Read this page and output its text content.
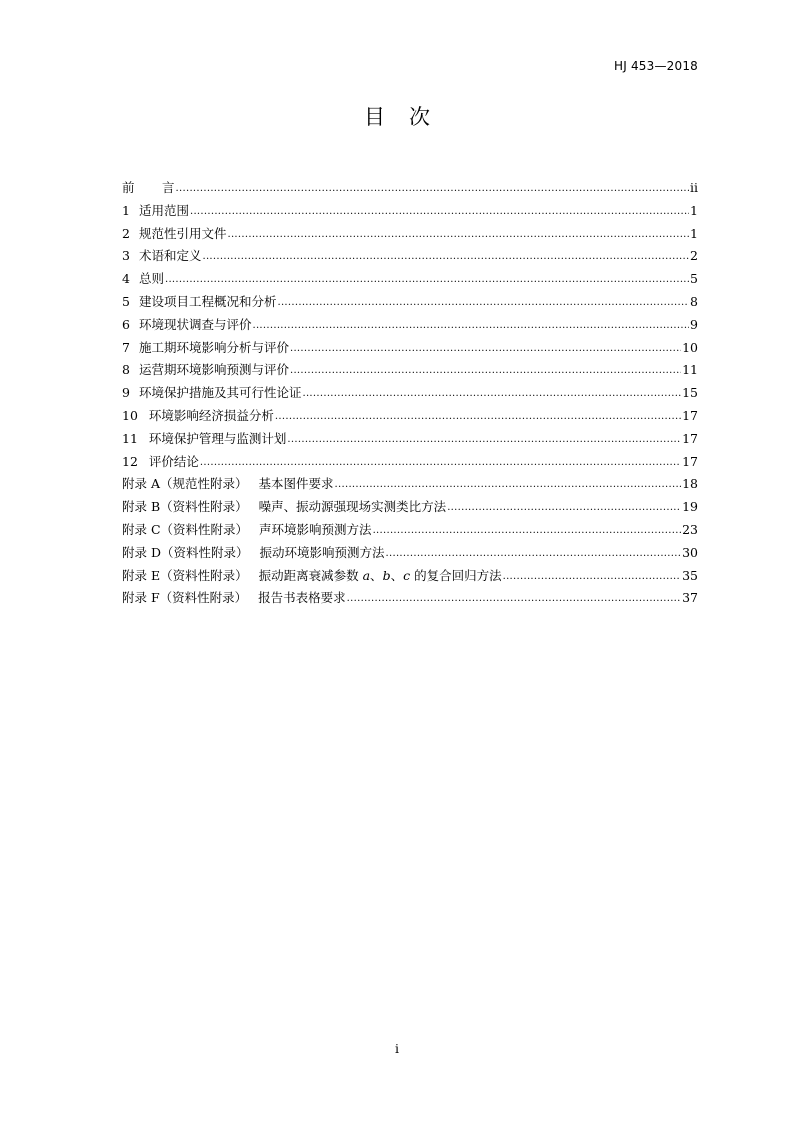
HJ 453—2018
目 次
前言 .....	ii
1 适用范围 .....	1
2 规范性引用文件 .....	1
3 术语和定义 .....	2
4 总则 .....	5
5 建设项目工程概况和分析 .....	8
6 环境现状调查与评价 .....	9
7 施工期环境影响分析与评价 .....	10
8 运营期环境影响预测与评价 .....	11
9 环境保护措施及其可行性论证 .....	15
10 环境影响经济损益分析 .....	17
11 环境保护管理与监测计划 .....	17
12 评价结论 .....	17
附录 A（规范性附录） 基本图件要求 .....	18
附录 B（资料性附录） 噪声、振动源强现场实测类比方法 .....	19
附录 C（资料性附录） 声环境影响预测方法 .....	23
附录 D（资料性附录） 振动环境影响预测方法 .....	30
附录 E（资料性附录） 振动距离衰减参数 a、b、c 的复合回归方法 .....	35
附录 F（资料性附录） 报告书表格要求 .....	37
i
